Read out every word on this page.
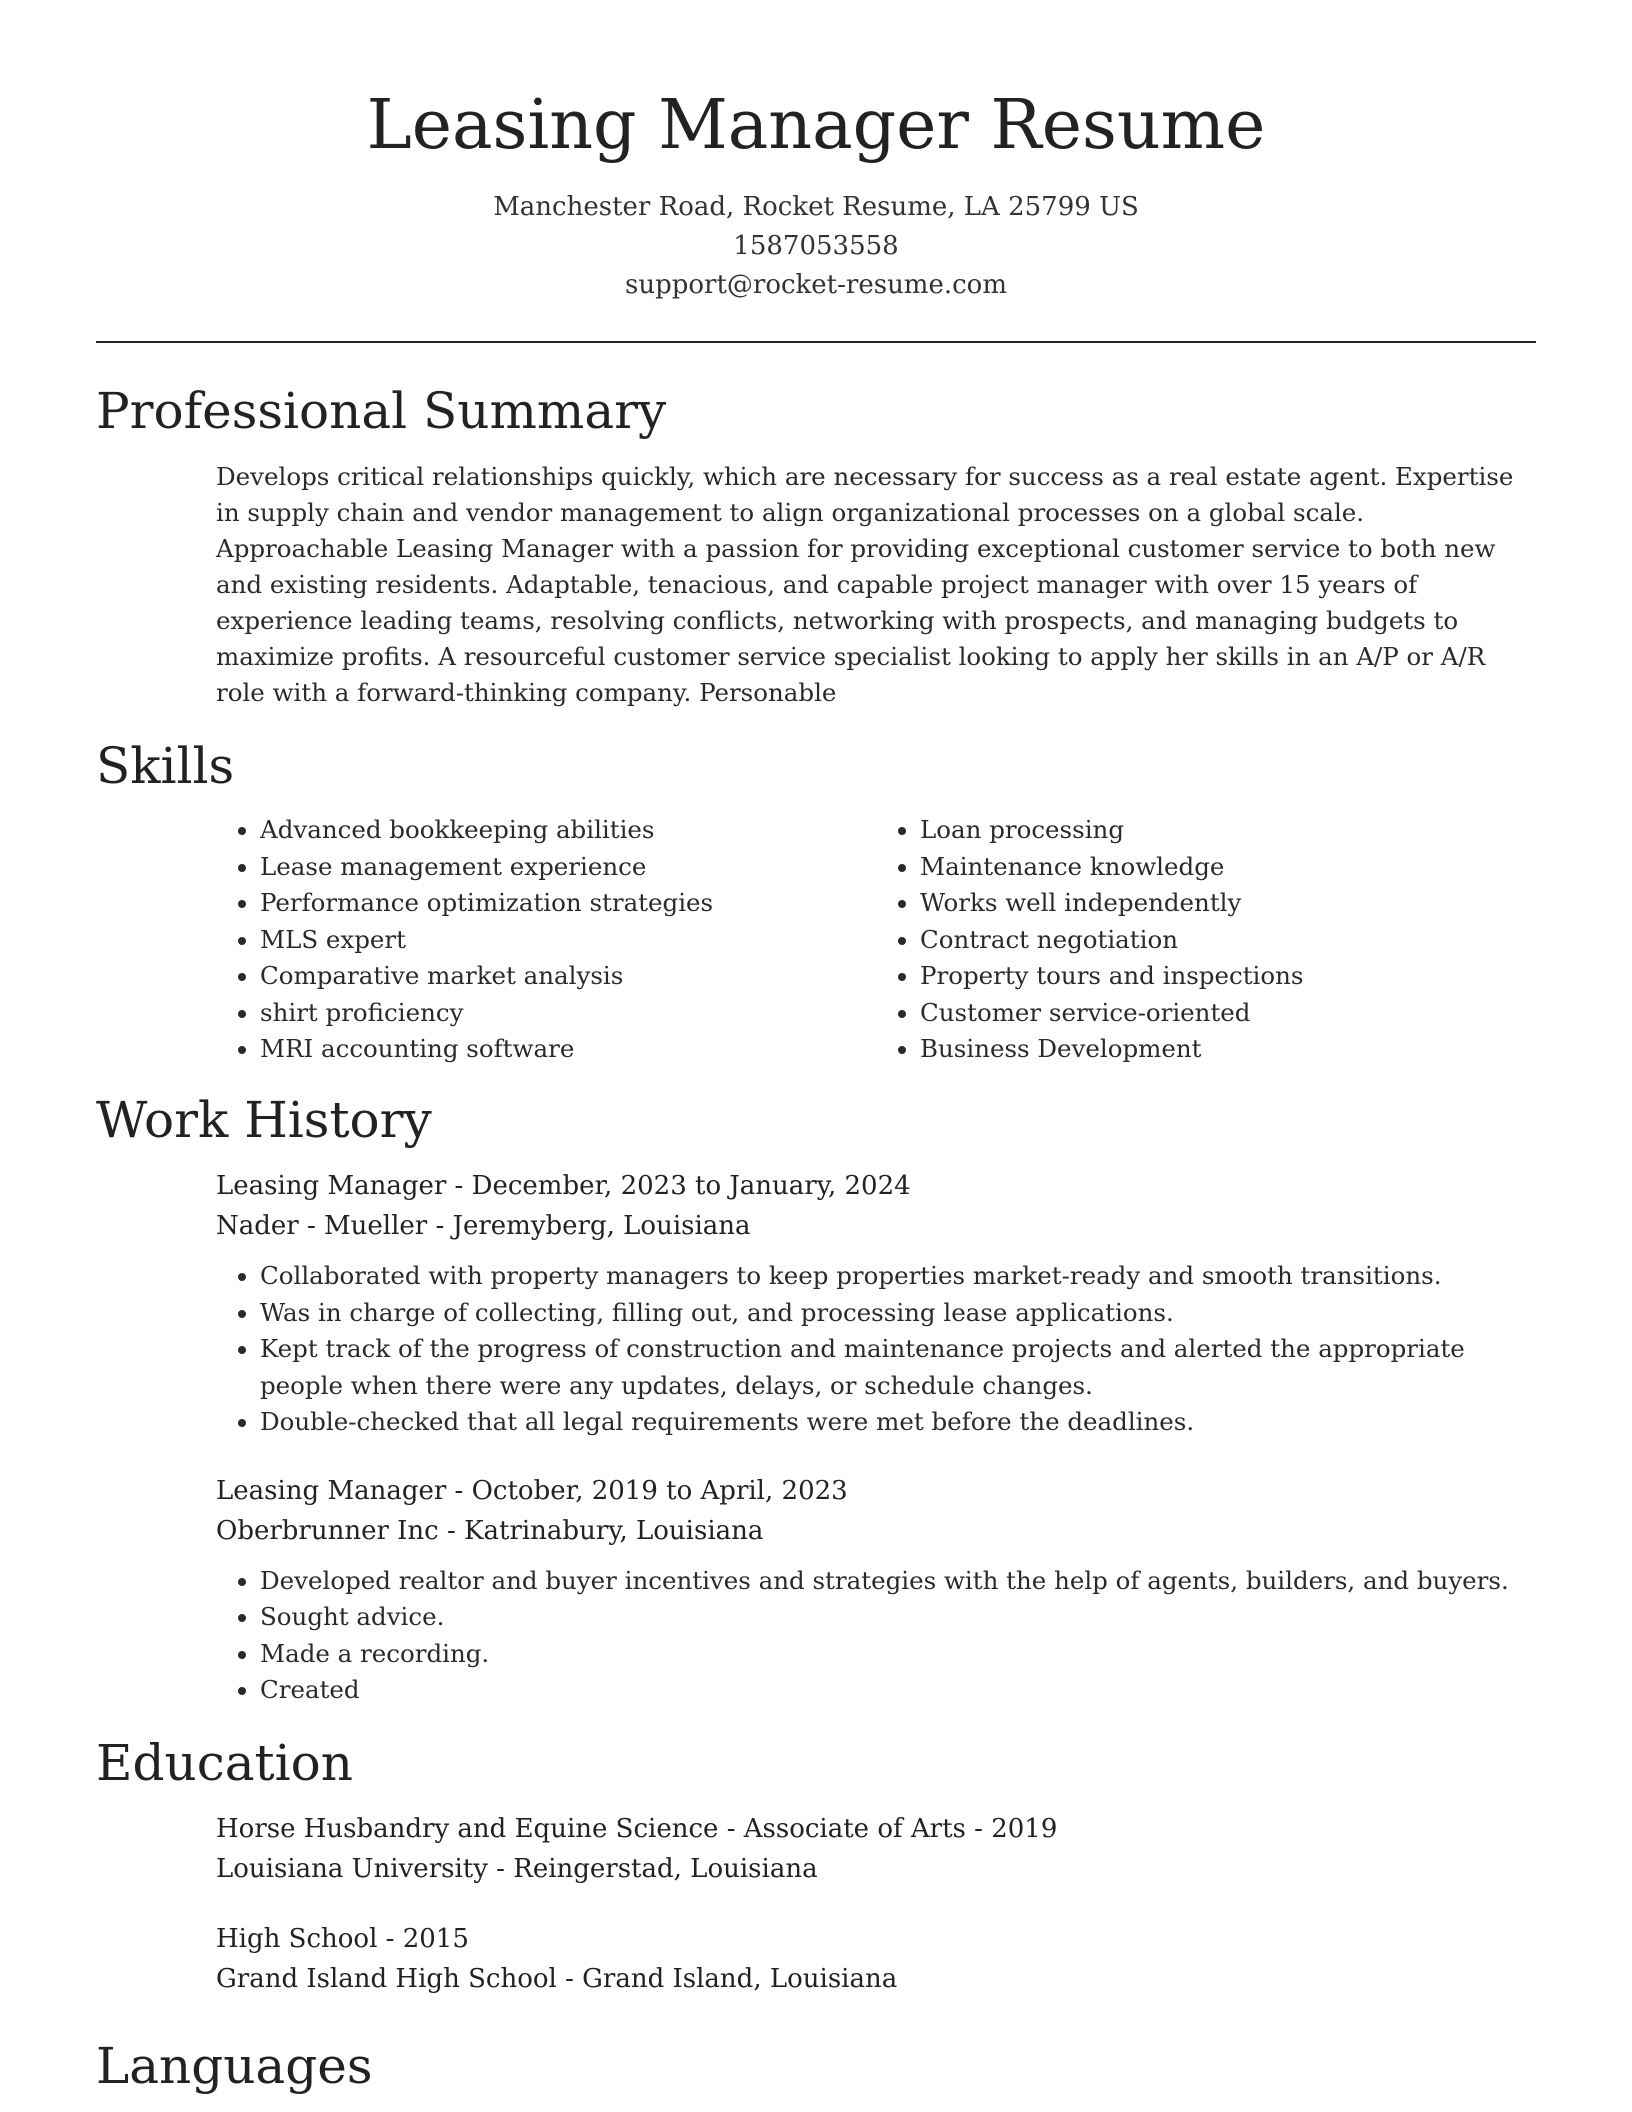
Leasing Manager Resume
Manchester Road, Rocket Resume, LA 25799 US
1587053558
support@rocket-resume.com
Professional Summary
Develops critical relationships quickly, which are necessary for success as a real estate agent. Expertise in supply chain and vendor management to align organizational processes on a global scale. Approachable Leasing Manager with a passion for providing exceptional customer service to both new and existing residents. Adaptable, tenacious, and capable project manager with over 15 years of experience leading teams, resolving conflicts, networking with prospects, and managing budgets to maximize profits. A resourceful customer service specialist looking to apply her skills in an A/P or A/R role with a forward-thinking company. Personable
Skills
• Advanced bookkeeping abilities
• Lease management experience
• Performance optimization strategies
• MLS expert
• Comparative market analysis
• shirt proficiency
• MRI accounting software
• Loan processing
• Maintenance knowledge
• Works well independently
• Contract negotiation
• Property tours and inspections
• Customer service-oriented
• Business Development
Work History
Leasing Manager - December, 2023 to January, 2024
Nader - Mueller - Jeremyberg, Louisiana
• Collaborated with property managers to keep properties market-ready and smooth transitions.
• Was in charge of collecting, filling out, and processing lease applications.
• Kept track of the progress of construction and maintenance projects and alerted the appropriate people when there were any updates, delays, or schedule changes.
• Double-checked that all legal requirements were met before the deadlines.
Leasing Manager - October, 2019 to April, 2023
Oberbrunner Inc - Katrinabury, Louisiana
• Developed realtor and buyer incentives and strategies with the help of agents, builders, and buyers.
• Sought advice.
• Made a recording.
• Created
Education
Horse Husbandry and Equine Science - Associate of Arts - 2019
Louisiana University - Reingerstad, Louisiana
High School - 2015
Grand Island High School - Grand Island, Louisiana
Languages
